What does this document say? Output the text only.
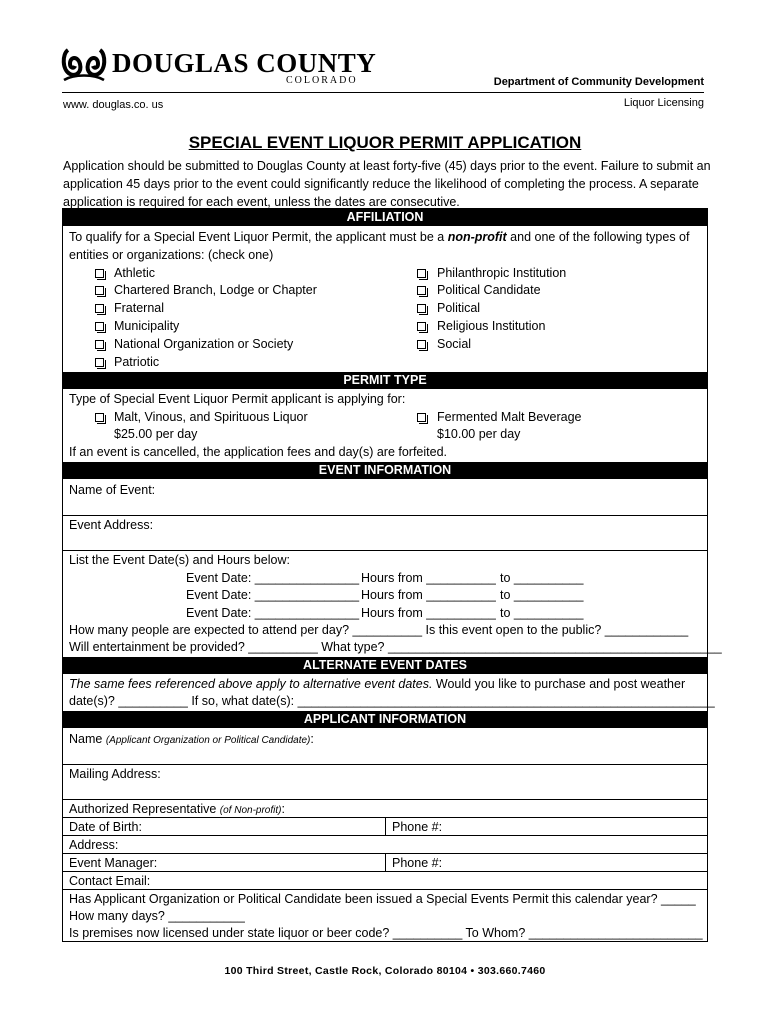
DOUGLAS COUNTY
COLORADO	Department of Community Development
www. douglas.co. us	Liquor Licensing
SPECIAL EVENT LIQUOR PERMIT APPLICATION
Application should be submitted to Douglas County at least forty-five (45) days prior to the event. Failure to submit an application 45 days prior to the event could significantly reduce the likelihood of completing the process. A separate application is required for each event, unless the dates are consecutive.
AFFILIATION
To qualify for a Special Event Liquor Permit, the applicant must be a non-profit and one of the following types of
entities or organizations: (check one)
Athletic
Chartered Branch, Lodge or Chapter
Fraternal
Municipality
National Organization or Society
Patriotic
Philanthropic Institution
Political Candidate
Political
Religious Institution
Social
PERMIT TYPE
Type of Special Event Liquor Permit applicant is applying for:
Malt, Vinous, and Spirituous Liquor
$25.00 per day
Fermented Malt Beverage
$10.00 per day
If an event is cancelled, the application fees and day(s) are forfeited.
EVENT INFORMATION
Name of Event:
Event Address:
List the Event Date(s) and Hours below:
Event Date: _______________ Hours from __________ to __________
Event Date: _______________ Hours from __________ to __________
Event Date: _______________ Hours from __________ to __________
How many people are expected to attend per day? __________ Is this event open to the public? ____________
Will entertainment be provided? __________ What type? ________________________________________________
ALTERNATE EVENT DATES
The same fees referenced above apply to alternative event dates. Would you like to purchase and post weather
date(s)? __________ If so, what date(s): ____________________________________________________________
APPLICANT INFORMATION
Name (Applicant Organization or Political Candidate):
Mailing Address:
Authorized Representative (of Non-profit):
Date of Birth:	Phone #:
Address:
Event Manager:	Phone #:
Contact Email:
Has Applicant Organization or Political Candidate been issued a Special Events Permit this calendar year? _____
How many days? ___________
Is premises now licensed under state liquor or beer code? __________ To Whom? _________________________
100 Third Street, Castle Rock, Colorado 80104 • 303.660.7460
